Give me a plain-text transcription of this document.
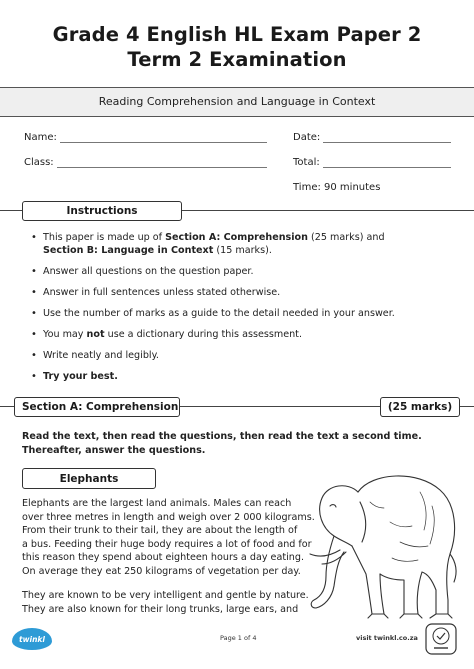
Grade 4 English HL Exam Paper 2
Term 2 Examination
Reading Comprehension and Language in Context
Name:	Date:
Class:	Total:
Time: 90 minutes
Instructions
• This paper is made up of Section A: Comprehension (25 marks) and
Section B: Language in Context (15 marks).
• Answer all questions on the question paper.
• Answer in full sentences unless stated otherwise.
• Use the number of marks as a guide to the detail needed in your answer.
• You may not use a dictionary during this assessment.
• Write neatly and legibly.
• Try your best.
Section A: Comprehension	(25 marks)
Read the text, then read the questions, then read the text a second time.
Thereafter, answer the questions.
Elephants
Elephants are the largest land animals. Males can reach
over three metres in length and weigh over 2 000 kilograms.
From their trunk to their tail, they are about the length of
a bus. Feeding their huge body requires a lot of food and for
this reason they spend about eighteen hours a day eating.
On average they eat 250 kilograms of vegetation per day.
They are known to be very intelligent and gentle by nature.
They are also known for their long trunks, large ears, and
twinkl	Page 1 of 4	visit twinkl.co.za
